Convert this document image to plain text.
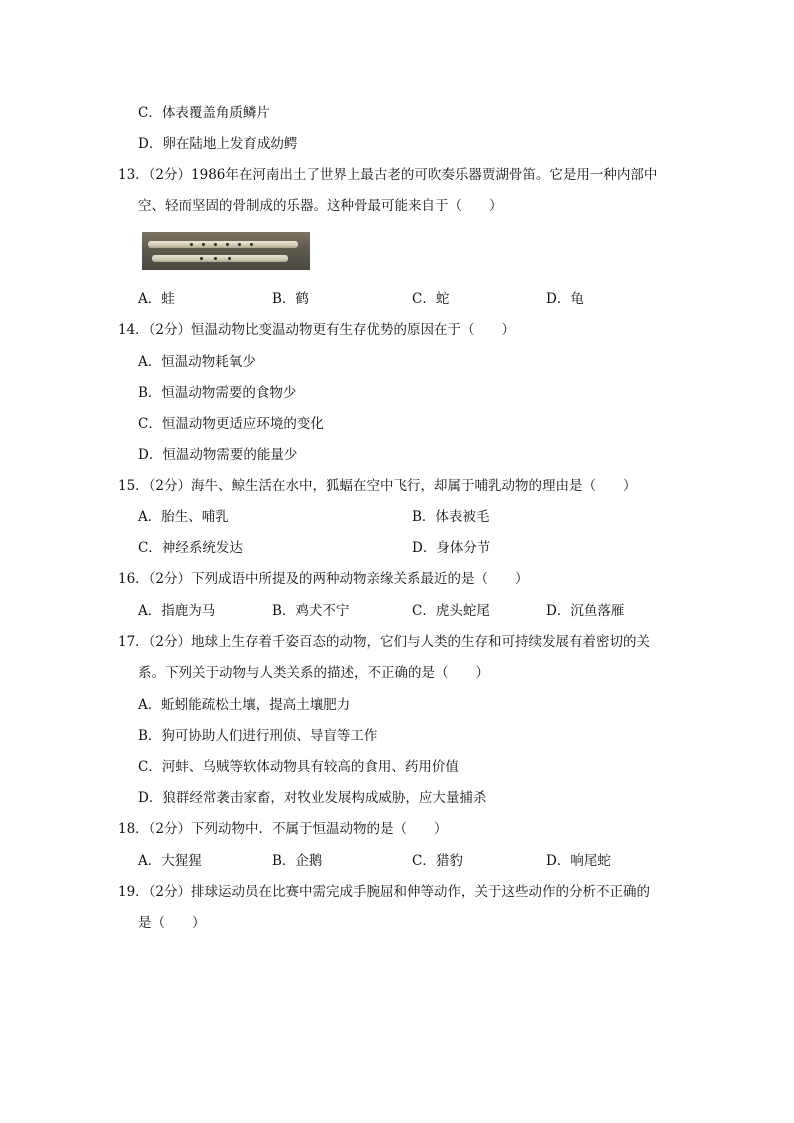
C．体表覆盖角质鳞片
D．卵在陆地上发育成幼鳄
13．（2分）1986年在河南出土了世界上最古老的可吹奏乐器贾湖骨笛。它是用一种内部中
空、轻而坚固的骨制成的乐器。这种骨最可能来自于（　　）
A．蛙	B．鹤	C．蛇	D．龟
14．（2分）恒温动物比变温动物更有生存优势的原因在于（　　）
A．恒温动物耗氧少
B．恒温动物需要的食物少
C．恒温动物更适应环境的变化
D．恒温动物需要的能量少
15．（2分）海牛、鲸生活在水中，狐蝠在空中飞行，却属于哺乳动物的理由是（　　）
A．胎生、哺乳	B．体表被毛
C．神经系统发达	D．身体分节
16．（2分）下列成语中所提及的两种动物亲缘关系最近的是（　　）
A．指鹿为马	B．鸡犬不宁	C．虎头蛇尾	D．沉鱼落雁
17．（2分）地球上生存着千姿百态的动物，它们与人类的生存和可持续发展有着密切的关
系。下列关于动物与人类关系的描述，不正确的是（　　）
A．蚯蚓能疏松土壤，提高土壤肥力
B．狗可协助人们进行刑侦、导盲等工作
C．河蚌、乌贼等软体动物具有较高的食用、药用价值
D．狼群经常袭击家畜，对牧业发展构成威胁，应大量捕杀
18．（2分）下列动物中．不属于恒温动物的是（　　）
A．大猩猩	B．企鹅	C．猎豹	D．响尾蛇
19．（2分）排球运动员在比赛中需完成手腕屈和伸等动作，关于这些动作的分析不正确的
是（　　）
